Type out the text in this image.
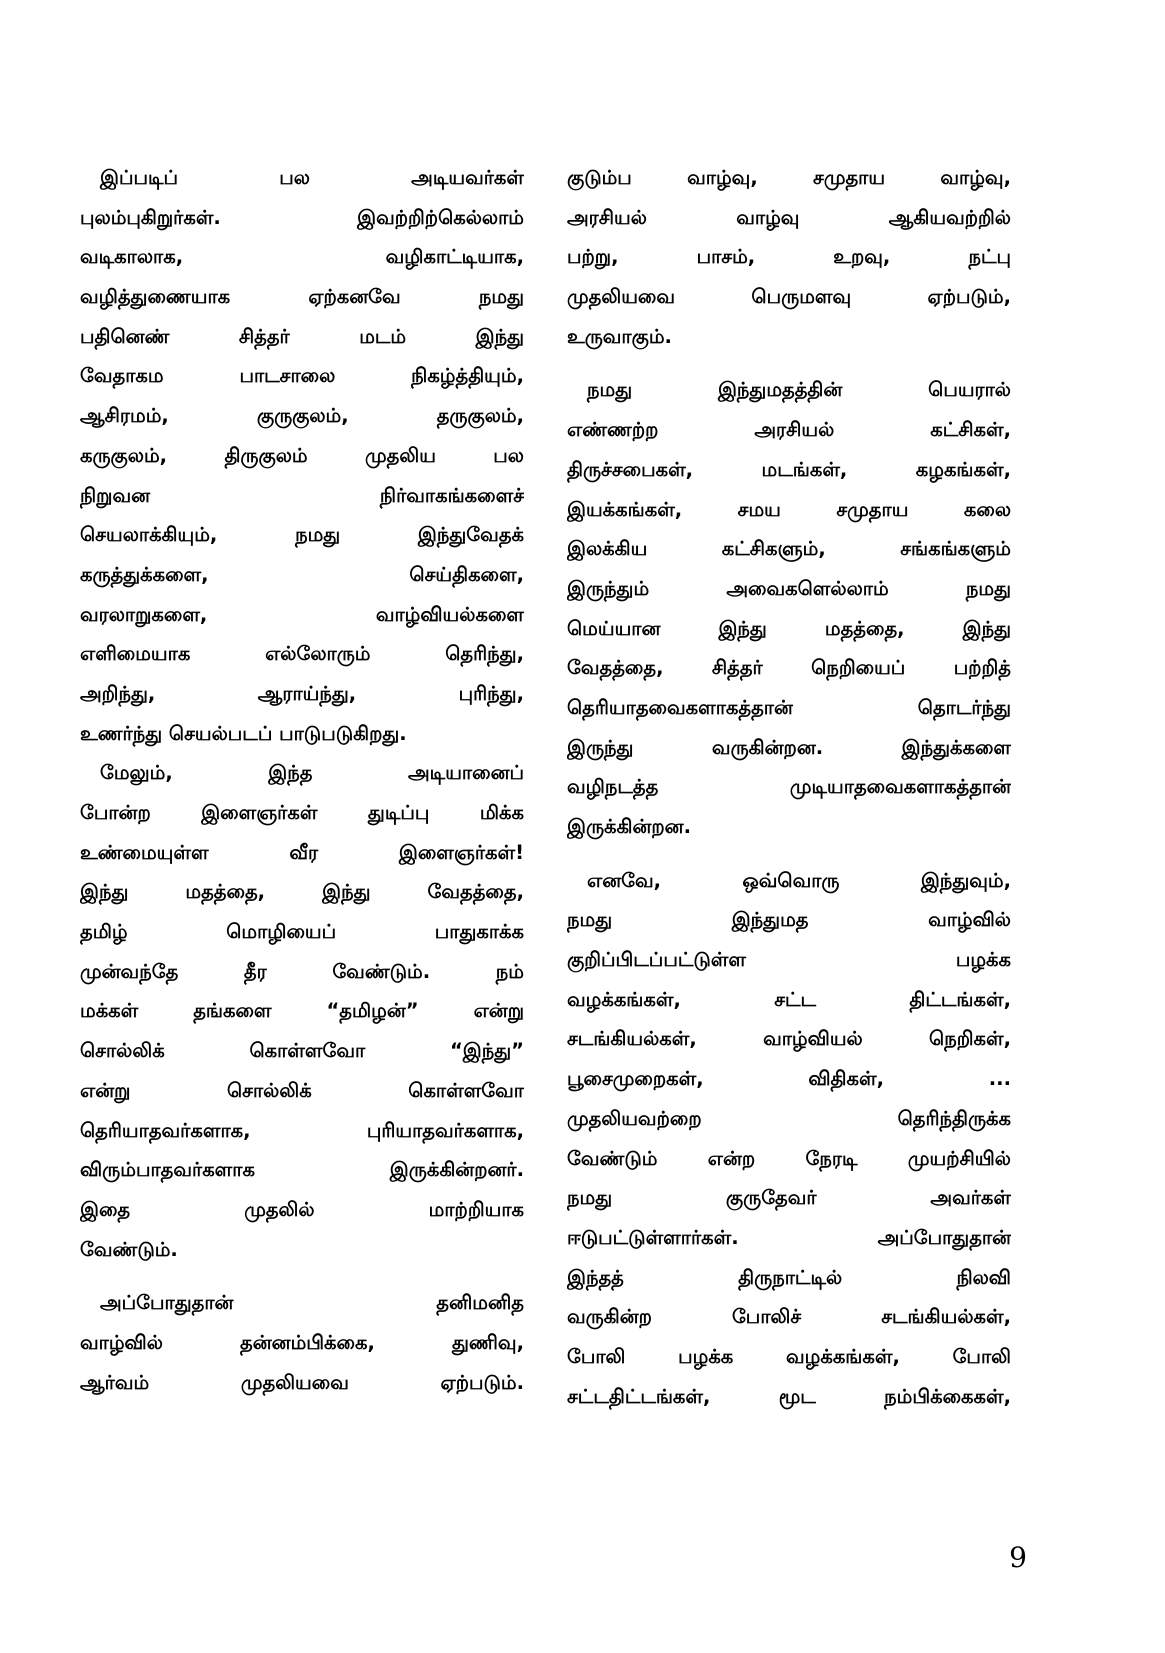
இப்படிப் பல அடியவர்கள்
புலம்புகிறுர்கள். இவற்றிற்கெல்லாம்
வடிகாலாக, வழிகாட்டியாக,
வழித்துணையாக ஏற்கனவே நமது
பதினெண் சித்தர் மடம் இந்து
வேதாகம பாடசாலை நிகழ்த்தியும்,
ஆசிரமம், குருகுலம், தருகுலம்,
கருகுலம், திருகுலம் முதலிய பல
நிறுவன நிர்வாகங்களைச்
செயலாக்கியும், நமது இந்துவேதக்
கருத்துக்களை, செய்திகளை,
வரலாறுகளை, வாழ்வியல்களை
எளிமையாக எல்லோரும் தெரிந்து,
அறிந்து, ஆராய்ந்து, புரிந்து,
உணர்ந்து செயல்படப் பாடுபடுகிறது.
மேலும், இந்த அடியானைப்
போன்ற இளைஞர்கள் துடிப்பு மிக்க
உண்மையுள்ள வீர இளைஞர்கள்!
இந்து மதத்தை, இந்து வேதத்தை,
தமிழ் மொழியைப் பாதுகாக்க
முன்வந்தே தீர வேண்டும். நம்
மக்கள் தங்களை “தமிழன்” என்று
சொல்லிக் கொள்ளவோ “இந்து”
என்று சொல்லிக் கொள்ளவோ
தெரியாதவர்களாக, புரியாதவர்களாக,
விரும்பாதவர்களாக இருக்கின்றனர்.
இதை முதலில் மாற்றியாக
வேண்டும்.
அப்போதுதான் தனிமனித
வாழ்வில் தன்னம்பிக்கை, துணிவு,
ஆர்வம் முதலியவை ஏற்படும்.
குடும்ப வாழ்வு, சமுதாய வாழ்வு,
அரசியல் வாழ்வு ஆகியவற்றில்
பற்று, பாசம், உறவு, நட்பு
முதலியவை பெருமளவு ஏற்படும்,
உருவாகும்.
நமது இந்துமதத்தின் பெயரால்
எண்ணற்ற அரசியல் கட்சிகள்,
திருச்சபைகள், மடங்கள், கழகங்கள்,
இயக்கங்கள், சமய சமுதாய கலை
இலக்கிய கட்சிகளும், சங்கங்களும்
இருந்தும் அவைகளெல்லாம் நமது
மெய்யான இந்து மதத்தை, இந்து
வேதத்தை, சித்தர் நெறியைப் பற்றித்
தெரியாதவைகளாகத்தான் தொடர்ந்து
இருந்து வருகின்றன. இந்துக்களை
வழிநடத்த முடியாதவைகளாகத்தான்
இருக்கின்றன.
எனவே, ஒவ்வொரு இந்துவும்,
நமது இந்துமத வாழ்வில்
குறிப்பிடப்பட்டுள்ள பழக்க
வழக்கங்கள், சட்ட திட்டங்கள்,
சடங்கியல்கள், வாழ்வியல் நெறிகள்,
பூசைமுறைகள், விதிகள், ...
முதலியவற்றை தெரிந்திருக்க
வேண்டும் என்ற நேரடி முயற்சியில்
நமது குருதேவர் அவர்கள்
ஈடுபட்டுள்ளார்கள். அப்போதுதான்
இந்தத் திருநாட்டில் நிலவி
வருகின்ற போலிச் சடங்கியல்கள்,
போலி பழக்க வழக்கங்கள், போலி
சட்டதிட்டங்கள், மூட நம்பிக்கைகள்,
9
